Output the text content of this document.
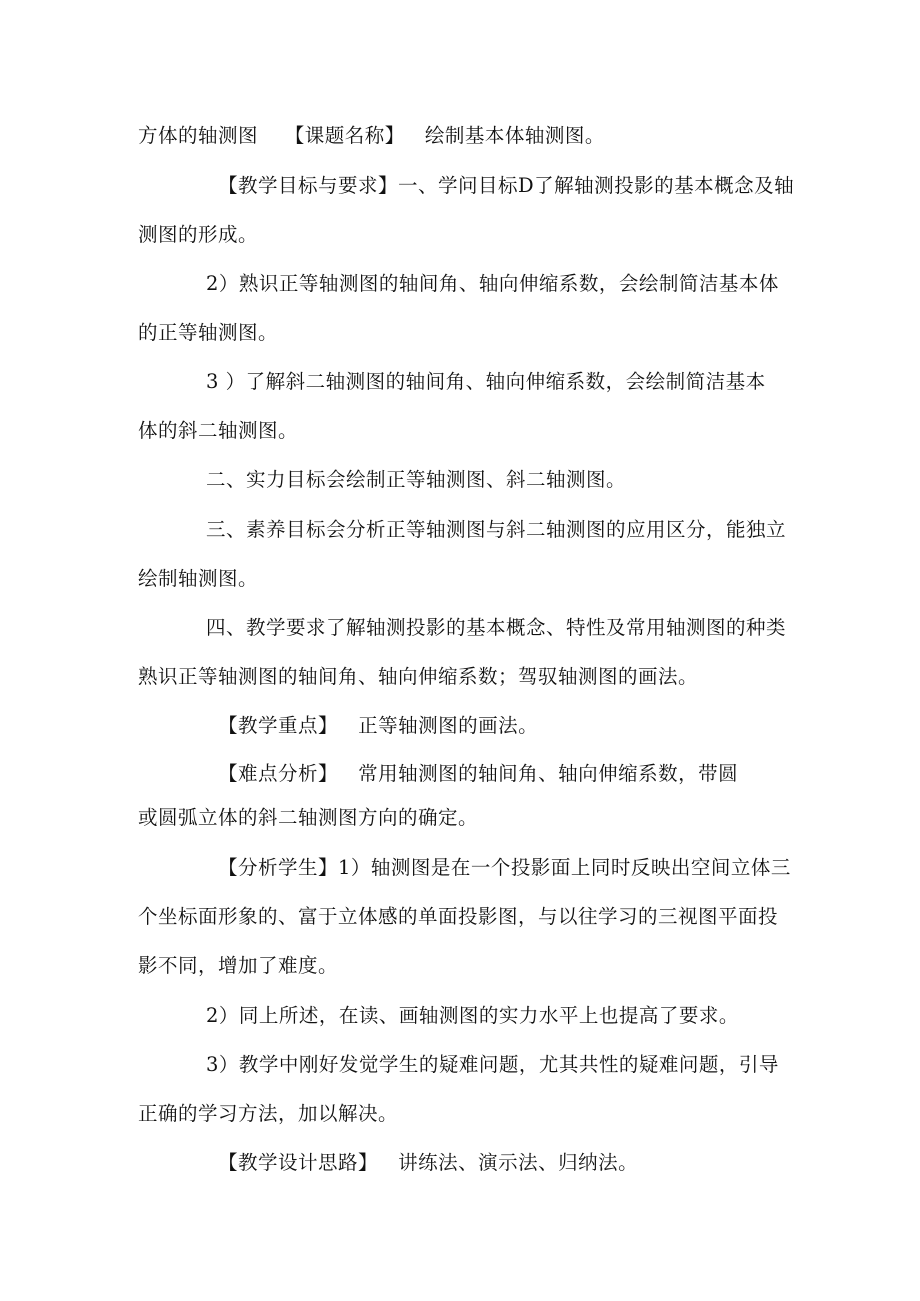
方体的轴测图    【课题名称】   绘制基本体轴测图。
【教学目标与要求】一、学问目标D了解轴测投影的基本概念及轴
测图的形成。
2）熟识正等轴测图的轴间角、轴向伸缩系数，会绘制简洁基本体
的正等轴测图。
3 ）了解斜二轴测图的轴间角、轴向伸缩系数，会绘制简洁基本
体的斜二轴测图。
二、实力目标会绘制正等轴测图、斜二轴测图。
三、素养目标会分析正等轴测图与斜二轴测图的应用区分，能独立
绘制轴测图。
四、教学要求了解轴测投影的基本概念、特性及常用轴测图的种类
熟识正等轴测图的轴间角、轴向伸缩系数；驾驭轴测图的画法。
【教学重点】   正等轴测图的画法。
【难点分析】   常用轴测图的轴间角、轴向伸缩系数，带圆
或圆弧立体的斜二轴测图方向的确定。
【分析学生】1）轴测图是在一个投影面上同时反映出空间立体三
个坐标面形象的、富于立体感的单面投影图，与以往学习的三视图平面投
影不同，增加了难度。
2）同上所述，在读、画轴测图的实力水平上也提高了要求。
3）教学中刚好发觉学生的疑难问题，尤其共性的疑难问题，引导
正确的学习方法，加以解决。
【教学设计思路】   讲练法、演示法、归纳法。
